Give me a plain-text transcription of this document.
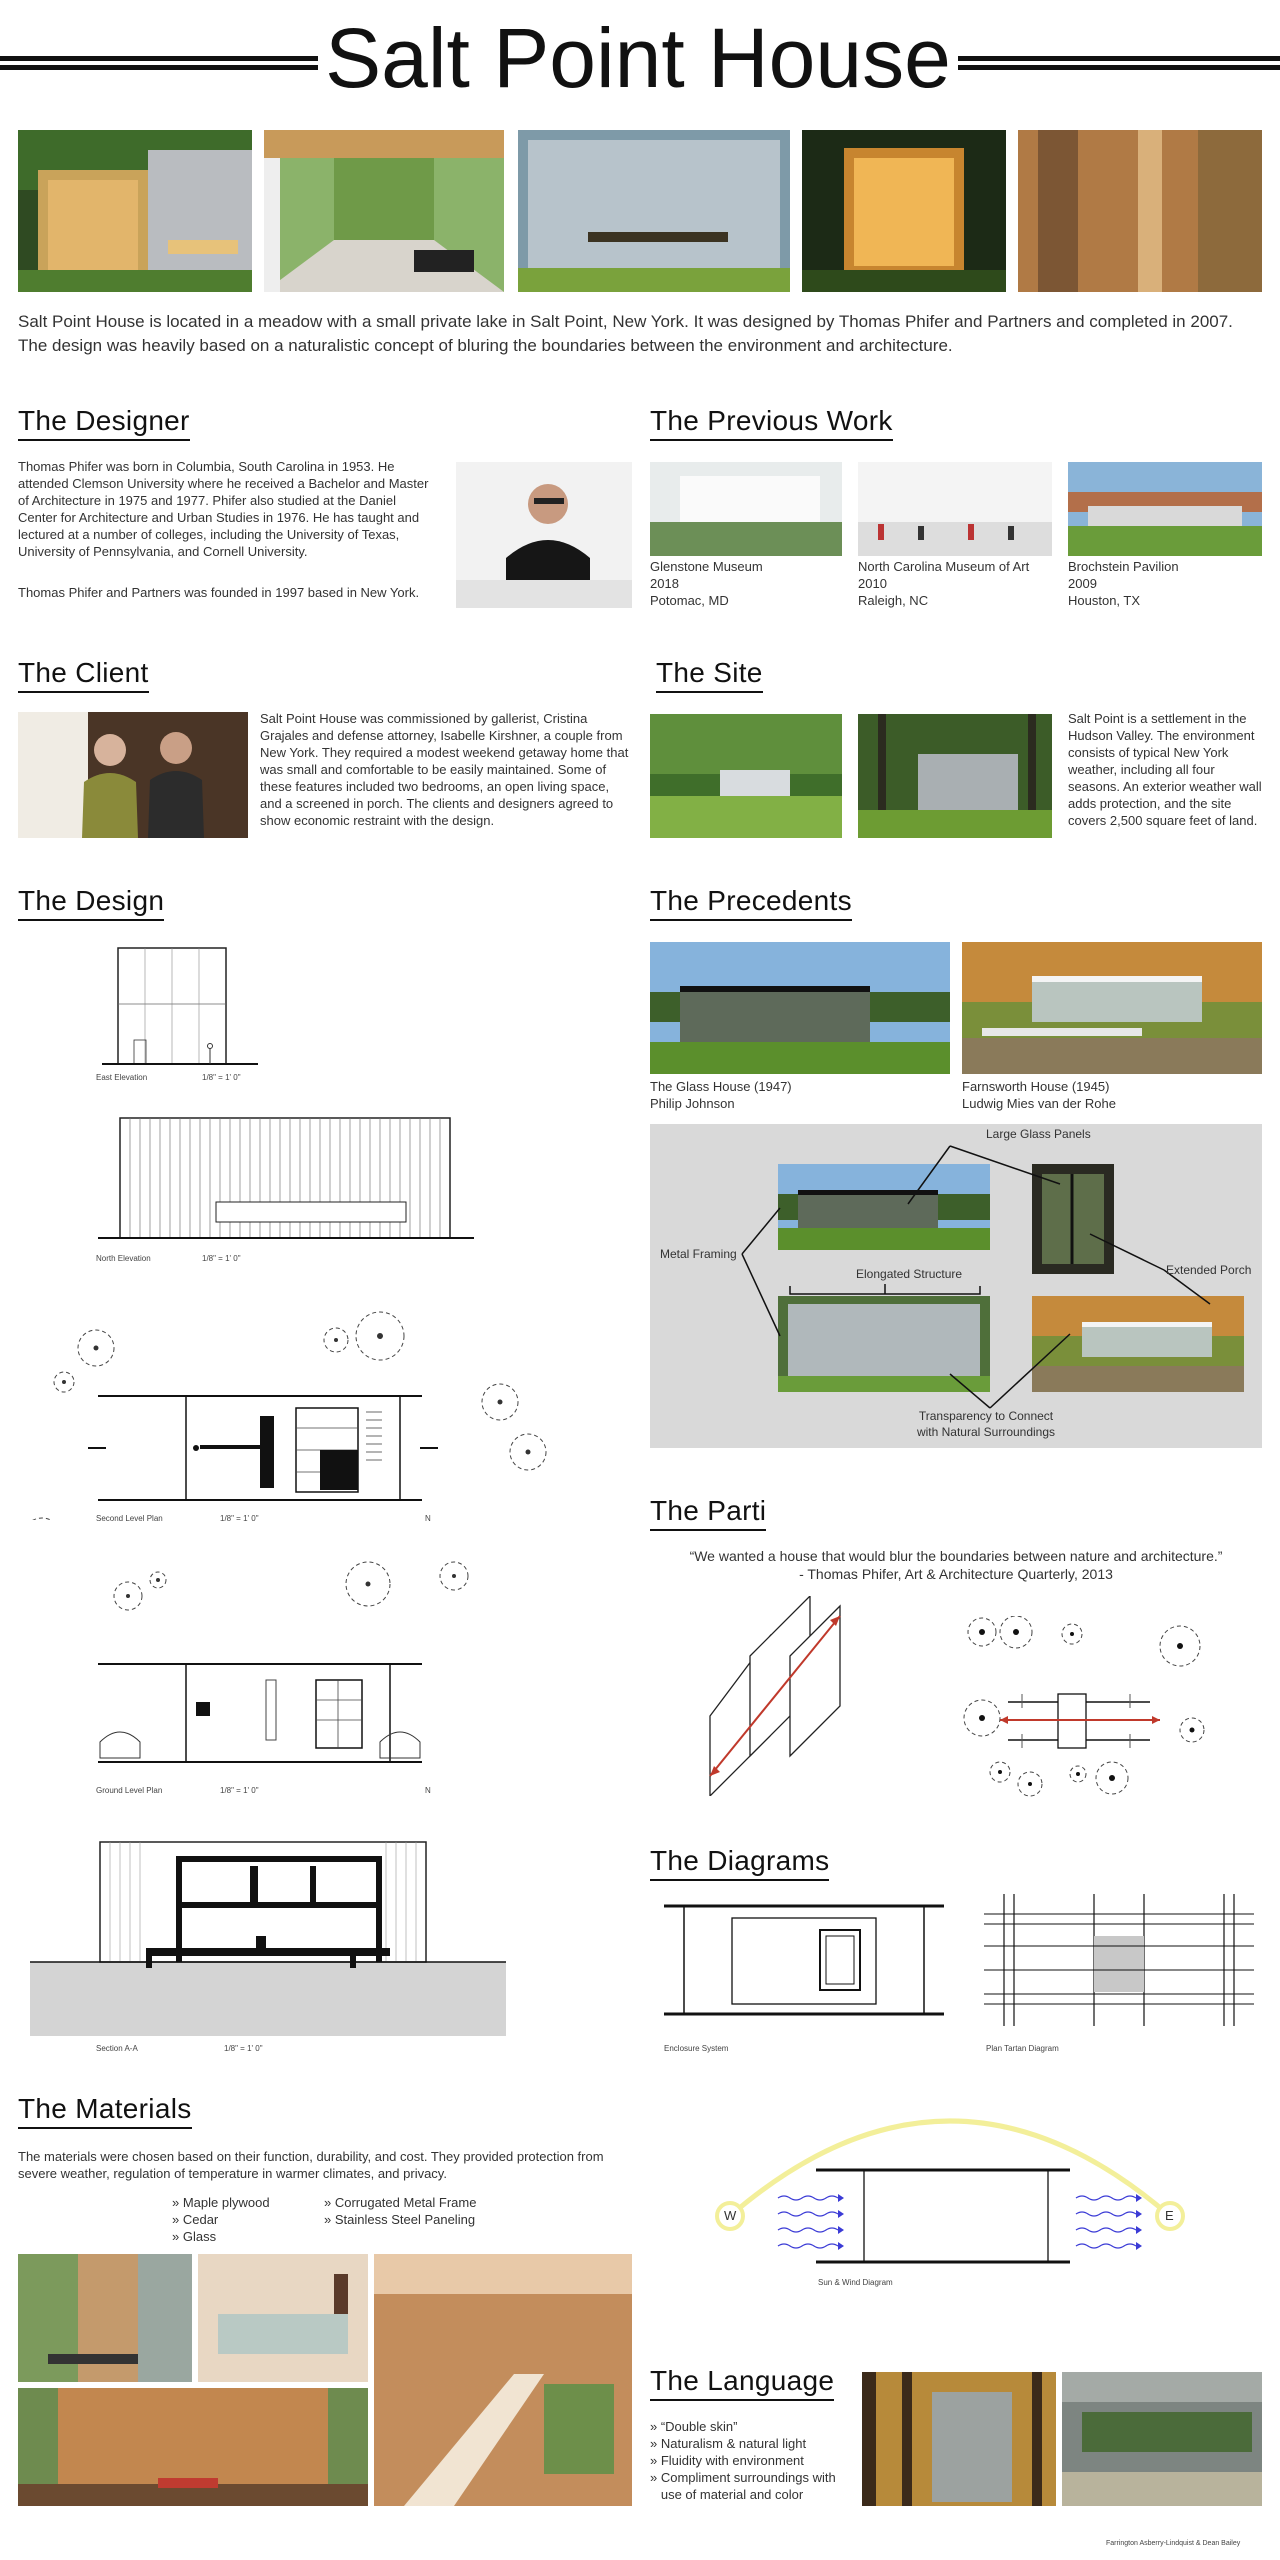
Salt Point House
Salt Point House is located in a meadow with a small private lake in Salt Point, New York. It was designed by Thomas Phifer and Partners and completed in 2007. The design was heavily based on a naturalistic concept of bluring the boundaries between the environment and architecture.
The Designer
Thomas Phifer was born in Columbia, South Carolina in 1953. He attended Clemson University where he received a Bachelor and Master of Architecture in 1975 and 1977. Phifer also studied at the Daniel Center for Architecture and Urban Studies in 1976. He has taught and lectured at a number of colleges, including the University of Texas, University of Pennsylvania, and Cornell University.
Thomas Phifer and Partners was founded in 1997 based in New York.
The Previous Work
Glenstone Museum
2018
Potomac, MD
North Carolina Museum of Art
2010
Raleigh, NC
Brochstein Pavilion
2009
Houston, TX
The Client
Salt Point House was commissioned by gallerist, Cristina Grajales and defense attorney, Isabelle Kirshner, a couple from New York. They required a modest weekend getaway home that was small and comfortable to be easily maintained. Some of these features included two bedrooms, an open living space, and a screened in porch. The clients and designers agreed to show economic restraint with the design.
The Site
Salt Point is a settlement in the Hudson Valley. The environment consists of typical New York weather, including all four seasons. An exterior weather wall adds protection, and the site covers 2,500 square feet of land.
The Design
East Elevation	1/8" = 1' 0"
North Elevation	1/8" = 1' 0"
Second Level Plan	1/8" = 1' 0"	N
Ground Level Plan	1/8" = 1' 0"	N
Section A-A	1/8" = 1' 0"
The Materials
The materials were chosen based on their function, durability, and cost. They provided protection from severe weather, regulation of temperature in warmer climates, and privacy.
» Maple plywood
» Cedar
» Glass
» Corrugated Metal Frame
» Stainless Steel Paneling
The Precedents
The Glass House (1947)
Philip Johnson
Farnsworth House (1945)
Ludwig Mies van der Rohe
Large Glass Panels
Metal Framing
Elongated Structure	Extended Porch
Transparency to Connect
with Natural Surroundings
The Parti
“We wanted a house that would blur the boundaries between nature and architecture.”
- Thomas Phifer, Art & Architecture Quarterly, 2013
The Diagrams
Enclosure System	Plan Tartan Diagram
W	E
Sun & Wind Diagram
The Language
» “Double skin”
» Naturalism & natural light
» Fluidity with environment
» Compliment surroundings with
use of material and color
Farrington Asberry-Lindquist & Dean Bailey
